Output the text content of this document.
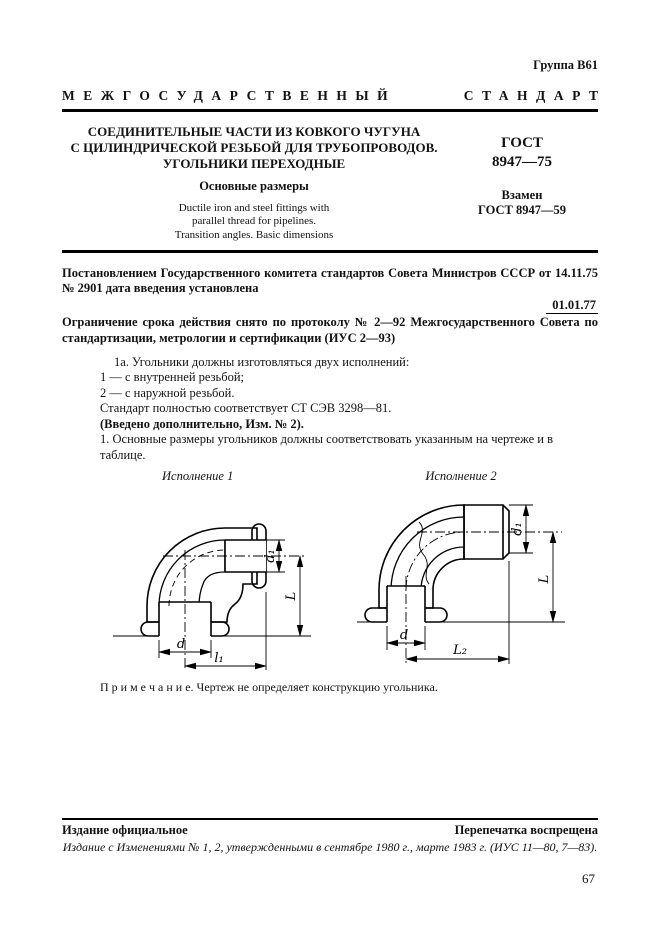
Группа В61
МЕЖГОСУДАРСТВЕННЫЙ	СТАНДАРТ
СОЕДИНИТЕЛЬНЫЕ ЧАСТИ ИЗ КОВКОГО ЧУГУНА
С ЦИЛИНДРИЧЕСКОЙ РЕЗЬБОЙ ДЛЯ ТРУБОПРОВОДОВ.
УГОЛЬНИКИ ПЕРЕХОДНЫЕ
Основные размеры
Ductile iron and steel fittings with
parallel thread for pipelines.
Transition angles. Basic dimensions
ГОСТ
8947—75
Взамен
ГОСТ 8947—59
Постановлением Государственного комитета стандартов Совета Министров СССР от 14.11.75 № 2901 дата введения установлена
01.01.77
Ограничение срока действия снято по протоколу № 2—92 Межгосударственного Совета по стандартизации, метрологии и сертификации (ИУС 2—93)

1а. Угольники должны изготовляться двух исполнений:

1 — с внутренней резьбой;

2 — с наружной резьбой.

Стандарт полностью соответствует СТ СЭВ 3298—81.

(Введено дополнительно, Изм. № 2).

1. Основные размеры угольников должны соответствовать указанным на чертеже и в таблице.

Исполнение 1	Исполнение 2
d₁
L
d
l₁
d₁
L
d
L₂
П р и м е ч а н и е. Чертеж не определяет конструкцию угольника.
Издание официальное	Перепечатка воспрещена
Издание с Изменениями № 1, 2, утвержденными в сентябре 1980 г., марте 1983 г. (ИУС 11—80, 7—83).
67
